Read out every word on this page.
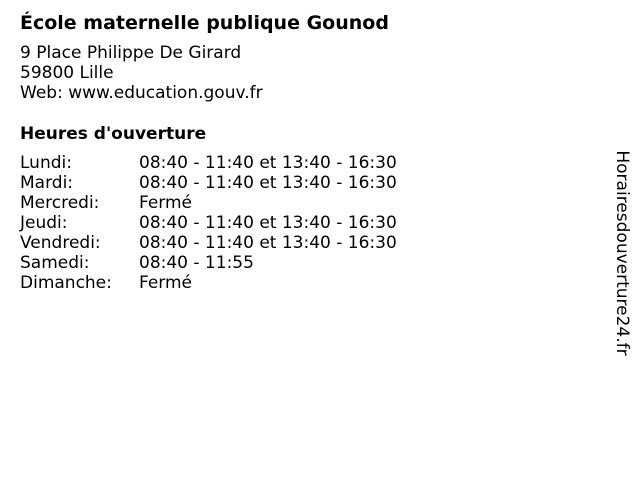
École maternelle publique Gounod
9 Place Philippe De Girard
59800 Lille
Web: www.education.gouv.fr
Heures d'ouverture
Lundi:	08:40 - 11:40 et 13:40 - 16:30
Mardi:	08:40 - 11:40 et 13:40 - 16:30
Mercredi: Fermé
Jeudi:	08:40 - 11:40 et 13:40 - 16:30
Vendredi: 08:40 - 11:40 et 13:40 - 16:30
Samedi:	08:40 - 11:55
Dimanche: Fermé	Horairesdouverture24.fr
